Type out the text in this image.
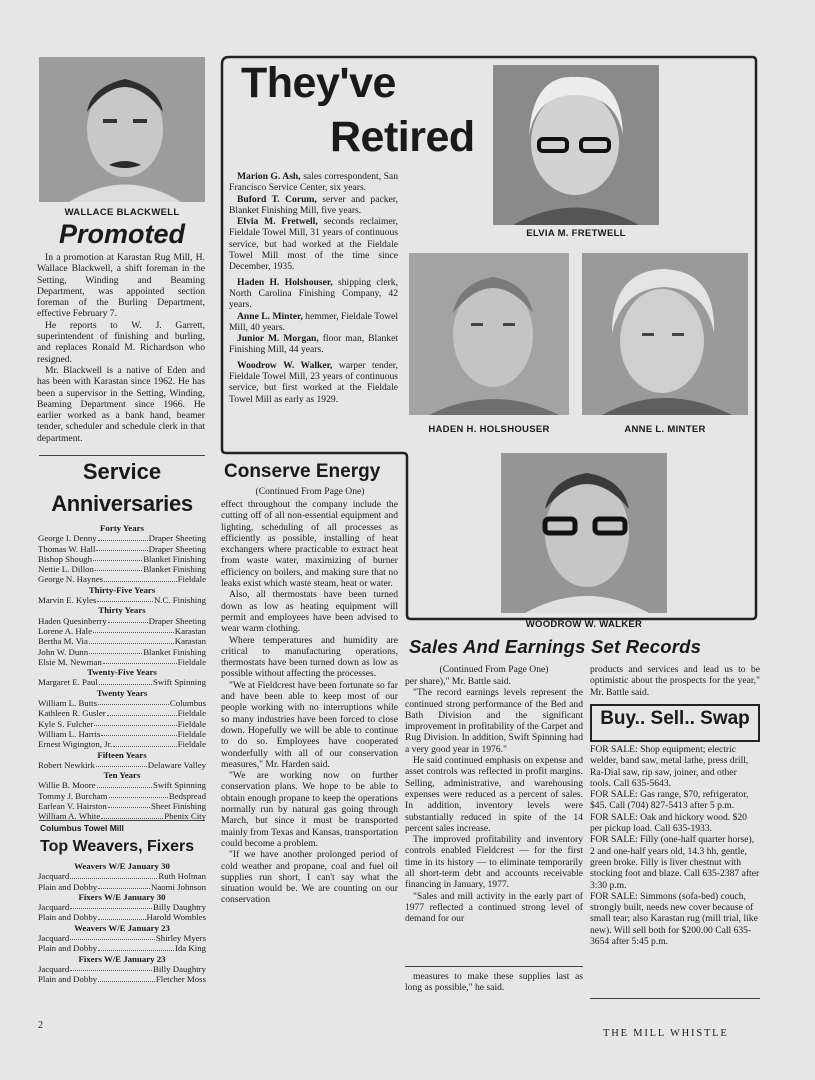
WALLACE BLACKWELL
Promoted

In a promotion at Karastan Rug Mill, H. Wallace Blackwell, a shift foreman in the Setting, Winding and Beaming Department, was appointed section foreman of the Burling Department, effective February 7.

He reports to W. J. Garrett, superintendent of finishing and burling, and replaces Ronald M. Richardson who resigned.

Mr. Blackwell is a native of Eden and has been with Karastan since 1962. He has been a supervisor in the Setting, Winding, Beaming Department since 1966. He earlier worked as a bank hand, beamer tender, scheduler and schedule clerk in that department.

They've
Retired

Marion G. Ash, sales correspondent, San Francisco Service Center, six years.

Buford T. Corum, server and packer, Blanket Finishing Mill, five years.

Elvia M. Fretwell, seconds reclaimer, Fieldale Towel Mill, 31 years of continuous service, but had worked at the Fieldale Towel Mill most of the time since December, 1935.

Haden H. Holshouser, shipping clerk, North Carolina Finishing Company, 42 years.

Anne L. Minter, hemmer, Fieldale Towel Mill, 40 years.

Junior M. Morgan, floor man, Blanket Finishing Mill, 44 years.

Woodrow W. Walker, warper tender, Fieldale Towel Mill, 23 years of continuous service, but first worked at the Fieldale Towel Mill as early as 1929.

ELVIA M. FRETWELL
HADEN H. HOLSHOUSER	ANNE L. MINTER
WOODROW W. WALKER
Service
Anniversaries
Forty Years
George I. Denny	Draper Sheeting
Thomas W. Hall	Draper Sheeting
Bishop Shough	Blanket Finishing
Nettie L. Dillon	Blanket Finishing
George N. Haynes	Fieldale
Thirty-Five Years
Marvin E. Kyles	N.C. Finishing
Thirty Years
Haden Quesinberry	Draper Sheeting
Lorene A. Hale	Karastan
Bertha M. Via	Karastan
John W. Dunn	Blanket Finishing
Elsie M. Newman	Fieldale
Twenty-Five Years
Margaret E. Paul	Swift Spinning
Twenty Years
William L. Butts	Columbus
Kathleen R. Gusler	Fieldale
Kyle S. Fulcher	Fieldale
William L. Harris	Fieldale
Ernest Wigington, Jr.	Fieldale
Fifteen Years
Robert Newkirk	Delaware Valley
Ten Years
Willie B. Moore	Swift Spinning
Tommy J. Burcham	Bedspread
Earlean V. Hairston	Sheet Finishing
William A. White	Phenix City
Columbus Towel Mill
Top Weavers, Fixers
Weavers W/E January 30
Jacquard	Ruth Holman
Plain and Dobby	Naomi Johnson
Fixers W/E January 30
Jacquard	Billy Daughtry
Plain and Dobby	Harold Wombles
Weavers W/E January 23
Jacquard	Shirley Myers
Plain and Dobby	Ida King
Fixers W/E January 23
Jacquard	Billy Daughtry
Plain and Dobby	Fletcher Moss
2
Conserve Energy
(Continued From Page One)

effect throughout the company include the cutting off of all non-essential equipment and lighting, scheduling of all processes as efficiently as possible, installing of heat exchangers where practicable to extract heat from waste water, maximizing of burner efficiency on boilers, and making sure that no leaks exist which waste steam, heat or water.

Also, all thermostats have been turned down as low as heating equipment will permit and employees have been advised to wear warm clothing.

Where temperatures and humidity are critical to manufacturing operations, thermostats have been turned down as low as possible without affecting the processes.

"We at Fieldcrest have been fortunate so far and have been able to keep most of our people working with no interruptions while so many industries have been forced to close down. Hopefully we will be able to continue to do so. Employees have cooperated wonderfully with all of our conservation measures," Mr. Harden said.

"We are working now on further conservation plans. We hope to be able to obtain enough propane to keep the operations normally run by natural gas going through March, but since it must be transported mainly from Texas and Kansas, transportation could become a problem.

"If we have another prolonged period of cold weather and propane, coal and fuel oil supplies run short, I can't say what the situation would be. We are counting on our conservation

Sales And Earnings Set Records
(Continued From Page One)

per share)," Mr. Battle said.

"The record earnings levels represent the continued strong performance of the Bed and Bath Division and the significant improvement in profitability of the Carpet and Rug Division. In addition, Swift Spinning had a very good year in 1976."

He said continued emphasis on expense and asset controls was reflected in profit margins. Selling, administrative, and warehousing expenses were reduced as a percent of sales. In addition, inventory levels were substantially reduced in spite of the 14 percent sales increase.

The improved profitability and inventory controls enabled Fieldcrest — for the first time in its history — to eliminate temporarily all short-term debt and accounts receivable financing in January, 1977.

"Sales and mill activity in the early part of 1977 reflected a continued strong level of demand for our

measures to make these supplies last as long as possible," he said.

products and services and lead us to be optimistic about the prospects for the year," Mr. Battle said.

Buy.. Sell.. Swap

FOR SALE: Shop equipment; electric welder, band saw, metal lathe, press drill, Ra-Dial saw, rip saw, joiner, and other tools. Call 635-5643.

FOR SALE: Gas range, $70, refrigerator, $45. Call (704) 827-5413 after 5 p.m.

FOR SALE: Oak and hickory wood. $20 per pickup load. Call 635-1933.

FOR SALE: Filly (one-half quarter horse), 2 and one-half years old, 14.3 hh, gentle, green broke. Filly is liver chestnut with stocking foot and blaze. Call 635-2387 after 3:30 p.m.

FOR SALE: Simmons (sofa-bed) couch, strongly built, needs new cover because of small tear; also Karastan rug (mill trial, like new). Will sell both for $200.00 Call 635-3654 after 5:45 p.m.

THE MILL WHISTLE
